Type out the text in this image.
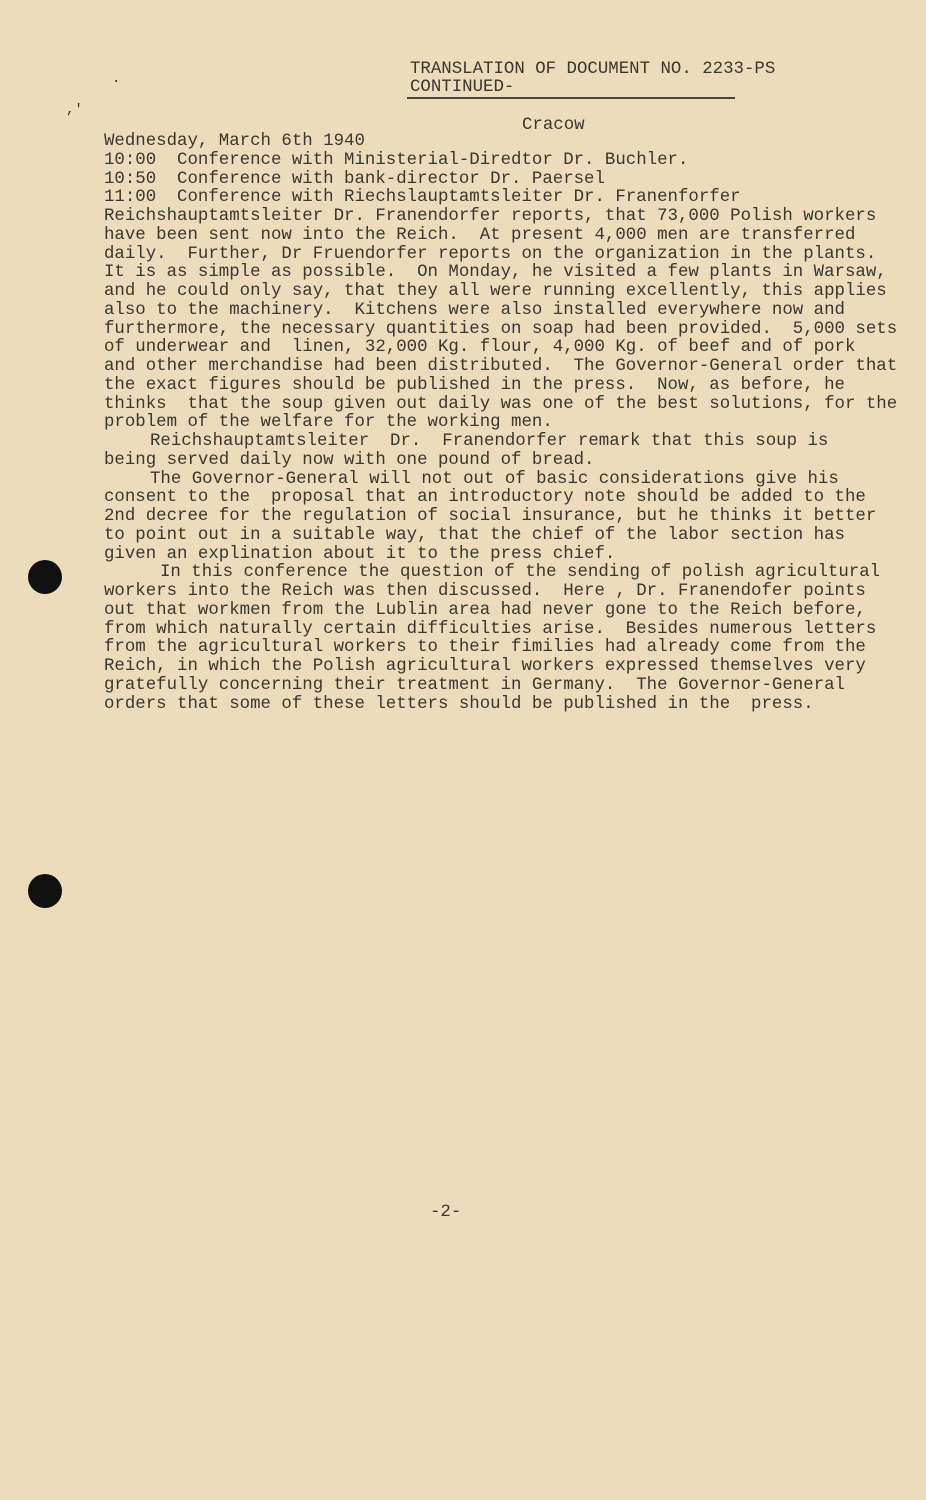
TRANSLATION OF DOCUMENT NO. 2233-PS
CONTINUED-
Cracow
Wednesday, March 6th 1940
10:00  Conference with Ministerial-Diredtor Dr. Buchler.
10:50  Conference with bank-director Dr. Paersel
11:00  Conference with Riechslauptamtsleiter Dr. Franenforfer
Reichshauptamtsleiter Dr. Franendorfer reports, that 73,000 Polish workers
have been sent now into the Reich.  At present 4,000 men are transferred
daily.  Further, Dr Fruendorfer reports on the organization in the plants.
It is as simple as possible.  On Monday, he visited a few plants in Warsaw,
and he could only say, that they all were running excellently, this applies
also to the machinery.  Kitchens were also installed everywhere now and
furthermore, the necessary quantities on soap had been provided.  5,000 sets
of underwear and  linen, 32,000 Kg. flour, 4,000 Kg. of beef and of pork
and other merchandise had been distributed.  The Governor-General order that
the exact figures should be published in the press.  Now, as before, he
thinks  that the soup given out daily was one of the best solutions, for the
problem of the welfare for the working men.
Reichshauptamtsleiter  Dr.  Franendorfer remark that this soup is
being served daily now with one pound of bread.
The Governor-General will not out of basic considerations give his
consent to the  proposal that an introductory note should be added to the
2nd decree for the regulation of social insurance, but he thinks it better
to point out in a suitable way, that the chief of the labor section has
given an explination about it to the press chief.
In this conference the question of the sending of polish agricultural
workers into the Reich was then discussed.  Here , Dr. Franendofer points
out that workmen from the Lublin area had never gone to the Reich before,
from which naturally certain difficulties arise.  Besides numerous letters
from the agricultural workers to their fimilies had already come from the
Reich, in which the Polish agricultural workers expressed themselves very
gratefully concerning their treatment in Germany.  The Governor-General
orders that some of these letters should be published in the  press.
-2-
,'
·
